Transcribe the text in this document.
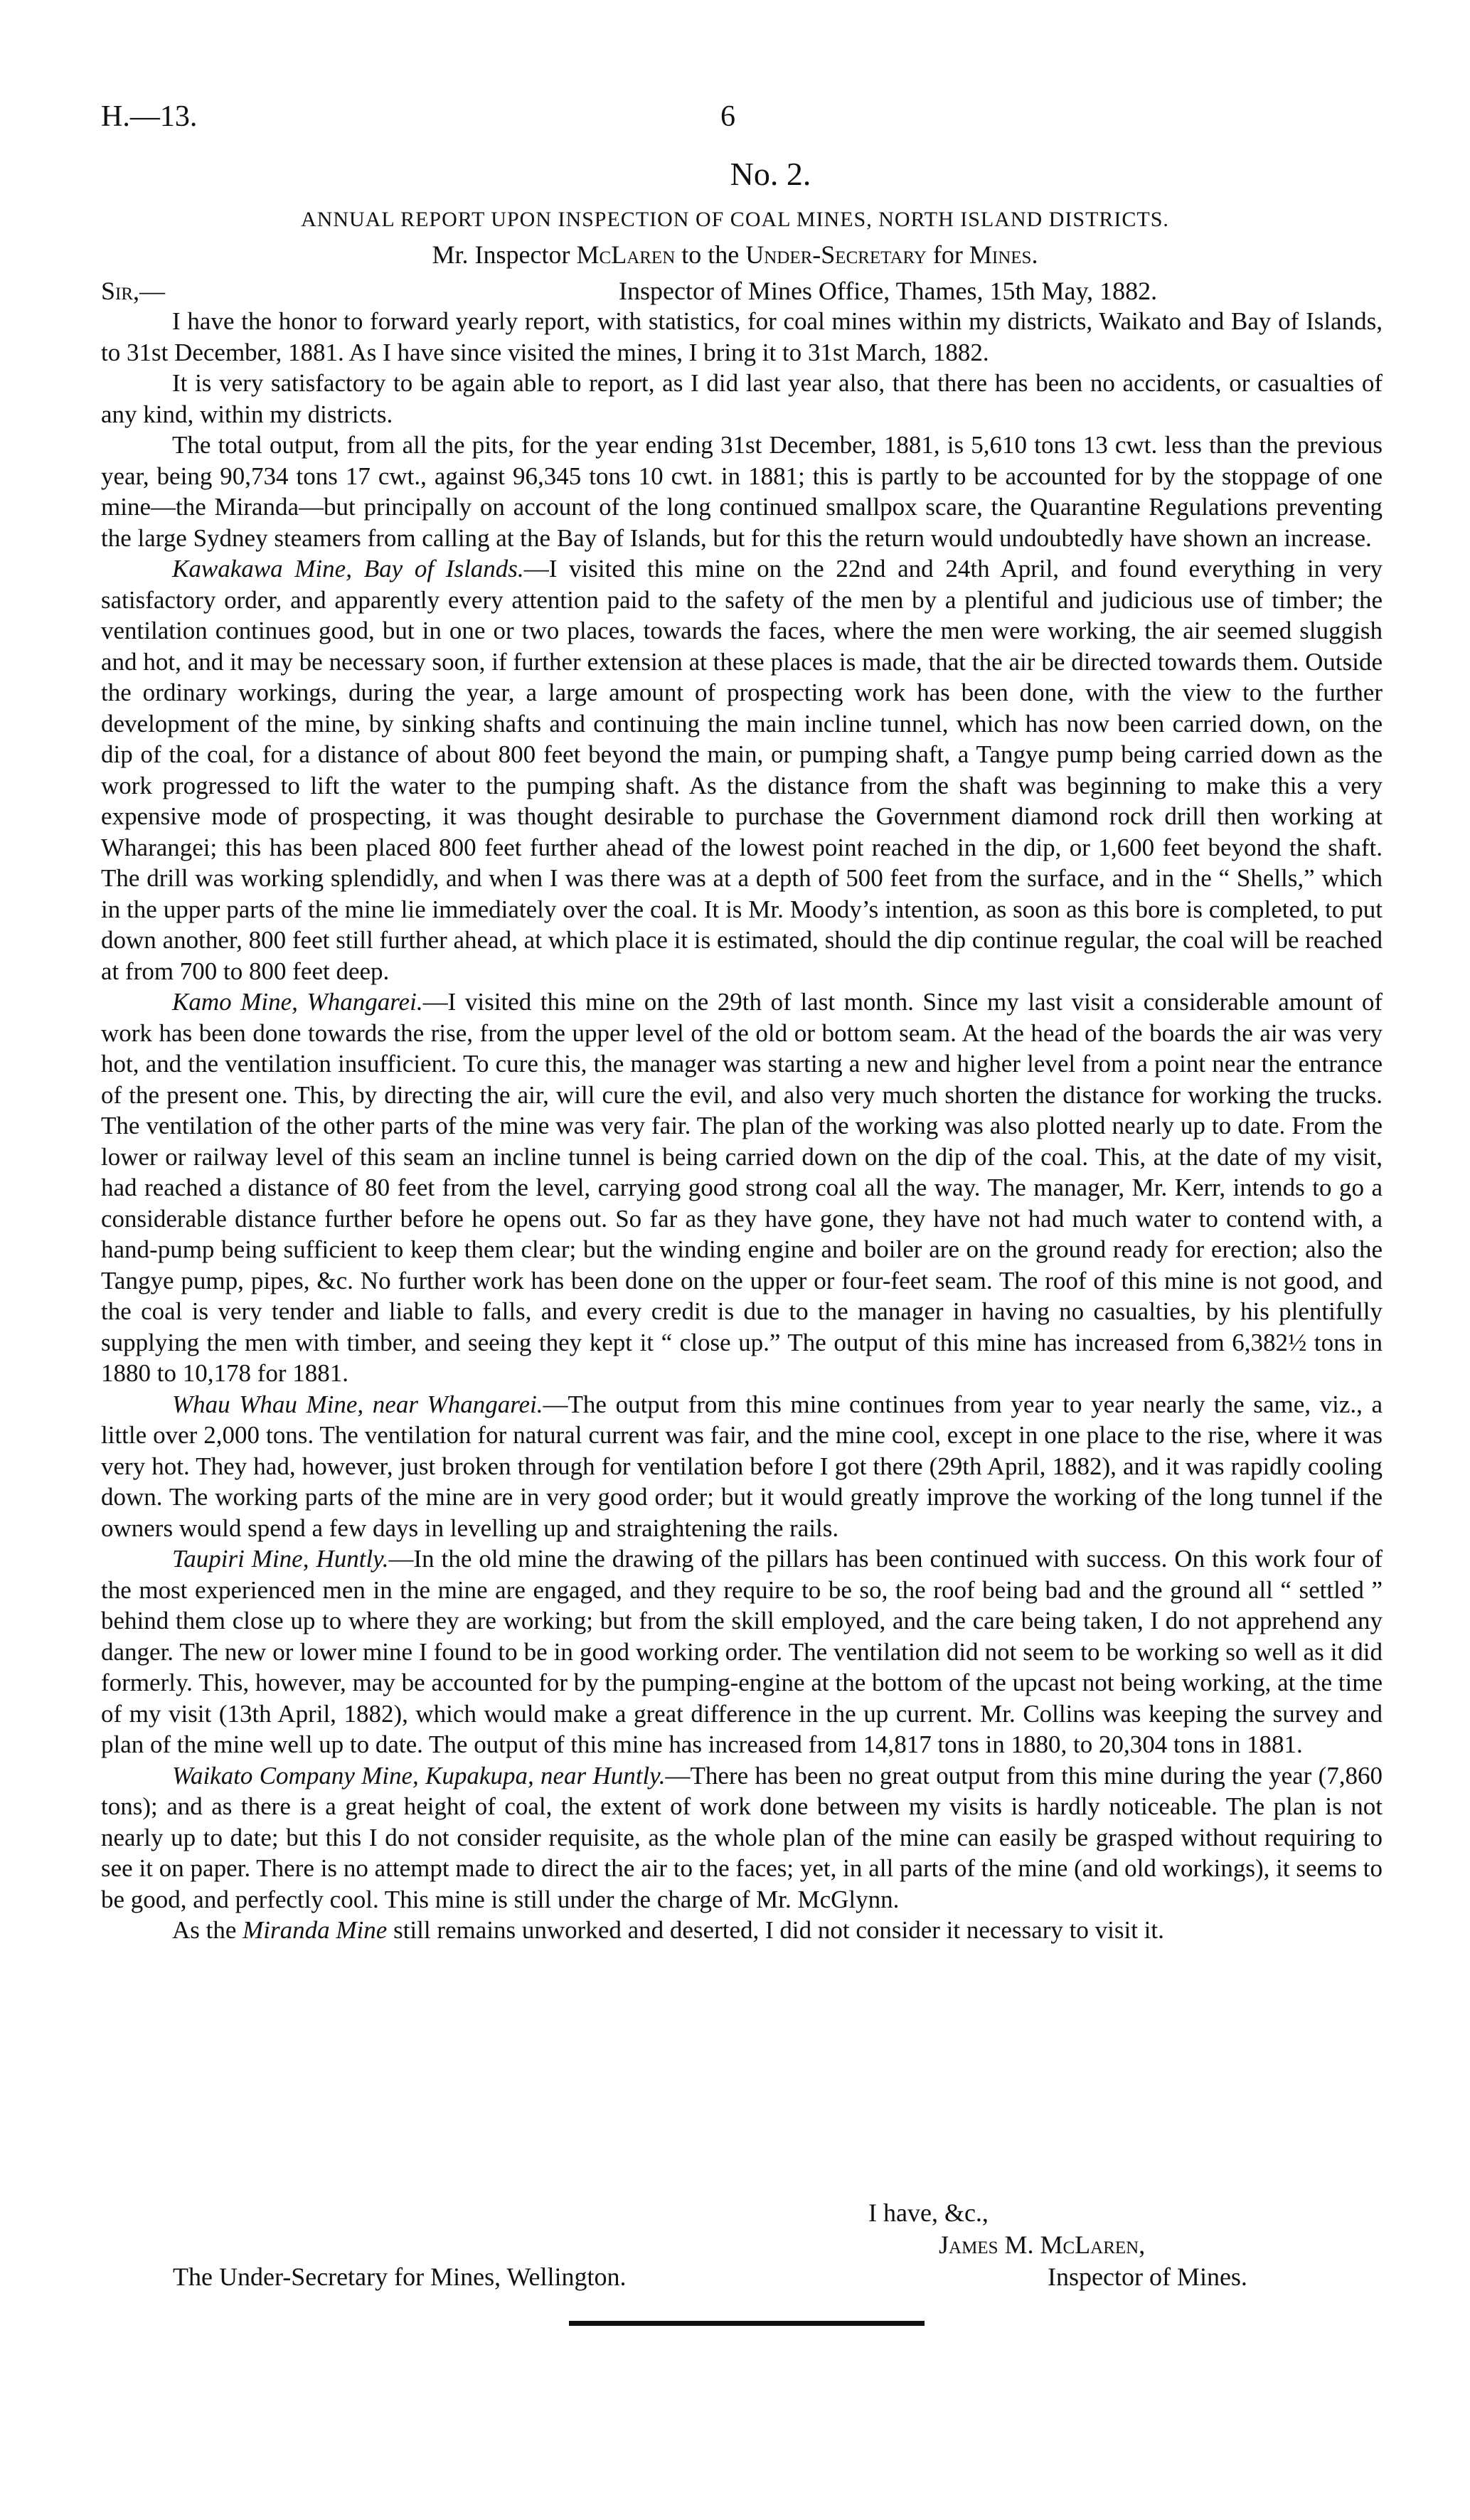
H.—13.	6
No. 2.
ANNUAL REPORT UPON INSPECTION OF COAL MINES, NORTH ISLAND DISTRICTS.
Mr. Inspector McLaren to the Under-Secretary for Mines.
Sir,—	Inspector of Mines Office, Thames, 15th May, 1882.

I have the honor to forward yearly report, with statistics, for coal mines within my districts, Waikato and Bay of Islands, to 31st December, 1881. As I have since visited the mines, I bring it to 31st March, 1882.

It is very satisfactory to be again able to report, as I did last year also, that there has been no accidents, or casualties of any kind, within my districts.

The total output, from all the pits, for the year ending 31st December, 1881, is 5,610 tons 13 cwt. less than the previous year, being 90,734 tons 17 cwt., against 96,345 tons 10 cwt. in 1881; this is partly to be accounted for by the stoppage of one mine—the Miranda—but principally on account of the long continued smallpox scare, the Quarantine Regulations preventing the large Sydney steamers from calling at the Bay of Islands, but for this the return would undoubtedly have shown an increase.

Kawakawa Mine, Bay of Islands.—I visited this mine on the 22nd and 24th April, and found everything in very satisfactory order, and apparently every attention paid to the safety of the men by a plentiful and judicious use of timber; the ventilation continues good, but in one or two places, towards the faces, where the men were working, the air seemed sluggish and hot, and it may be necessary soon, if further extension at these places is made, that the air be directed towards them. Outside the ordinary workings, during the year, a large amount of prospecting work has been done, with the view to the further development of the mine, by sinking shafts and continuing the main incline tunnel, which has now been carried down, on the dip of the coal, for a distance of about 800 feet beyond the main, or pumping shaft, a Tangye pump being carried down as the work progressed to lift the water to the pumping shaft. As the distance from the shaft was beginning to make this a very expensive mode of prospecting, it was thought desirable to purchase the Government diamond rock drill then working at Wharangei; this has been placed 800 feet further ahead of the lowest point reached in the dip, or 1,600 feet beyond the shaft. The drill was working splendidly, and when I was there was at a depth of 500 feet from the surface, and in the “ Shells,” which in the upper parts of the mine lie immediately over the coal. It is Mr. Moody’s intention, as soon as this bore is completed, to put down another, 800 feet still further ahead, at which place it is estimated, should the dip continue regular, the coal will be reached at from 700 to 800 feet deep.

Kamo Mine, Whangarei.—I visited this mine on the 29th of last month. Since my last visit a considerable amount of work has been done towards the rise, from the upper level of the old or bottom seam. At the head of the boards the air was very hot, and the ventilation insufficient. To cure this, the manager was starting a new and higher level from a point near the entrance of the present one. This, by directing the air, will cure the evil, and also very much shorten the distance for working the trucks. The ventilation of the other parts of the mine was very fair. The plan of the working was also plotted nearly up to date. From the lower or railway level of this seam an incline tunnel is being carried down on the dip of the coal. This, at the date of my visit, had reached a distance of 80 feet from the level, carrying good strong coal all the way. The manager, Mr. Kerr, intends to go a considerable distance further before he opens out. So far as they have gone, they have not had much water to contend with, a hand-pump being sufficient to keep them clear; but the winding engine and boiler are on the ground ready for erection; also the Tangye pump, pipes, &c. No further work has been done on the upper or four-feet seam. The roof of this mine is not good, and the coal is very tender and liable to falls, and every credit is due to the manager in having no casualties, by his plentifully supplying the men with timber, and seeing they kept it “ close up.” The output of this mine has increased from 6,382½ tons in 1880 to 10,178 for 1881.

Whau Whau Mine, near Whangarei.—The output from this mine continues from year to year nearly the same, viz., a little over 2,000 tons. The ventilation for natural current was fair, and the mine cool, except in one place to the rise, where it was very hot. They had, however, just broken through for ventilation before I got there (29th April, 1882), and it was rapidly cooling down. The working parts of the mine are in very good order; but it would greatly improve the working of the long tunnel if the owners would spend a few days in levelling up and straightening the rails.

Taupiri Mine, Huntly.—In the old mine the drawing of the pillars has been continued with success. On this work four of the most experienced men in the mine are engaged, and they require to be so, the roof being bad and the ground all “ settled ” behind them close up to where they are working; but from the skill employed, and the care being taken, I do not apprehend any danger. The new or lower mine I found to be in good working order. The ventilation did not seem to be working so well as it did formerly. This, however, may be accounted for by the pumping-engine at the bottom of the upcast not being working, at the time of my visit (13th April, 1882), which would make a great difference in the up current. Mr. Collins was keeping the survey and plan of the mine well up to date. The output of this mine has increased from 14,817 tons in 1880, to 20,304 tons in 1881.

Waikato Company Mine, Kupakupa, near Huntly.—There has been no great output from this mine during the year (7,860 tons); and as there is a great height of coal, the extent of work done between my visits is hardly noticeable. The plan is not nearly up to date; but this I do not consider requisite, as the whole plan of the mine can easily be grasped without requiring to see it on paper. There is no attempt made to direct the air to the faces; yet, in all parts of the mine (and old workings), it seems to be good, and perfectly cool. This mine is still under the charge of Mr. McGlynn.

As the Miranda Mine still remains unworked and deserted, I did not consider it necessary to visit it.

I have, &c.,
James M. McLaren,
The Under-Secretary for Mines, Wellington.	Inspector of Mines.
